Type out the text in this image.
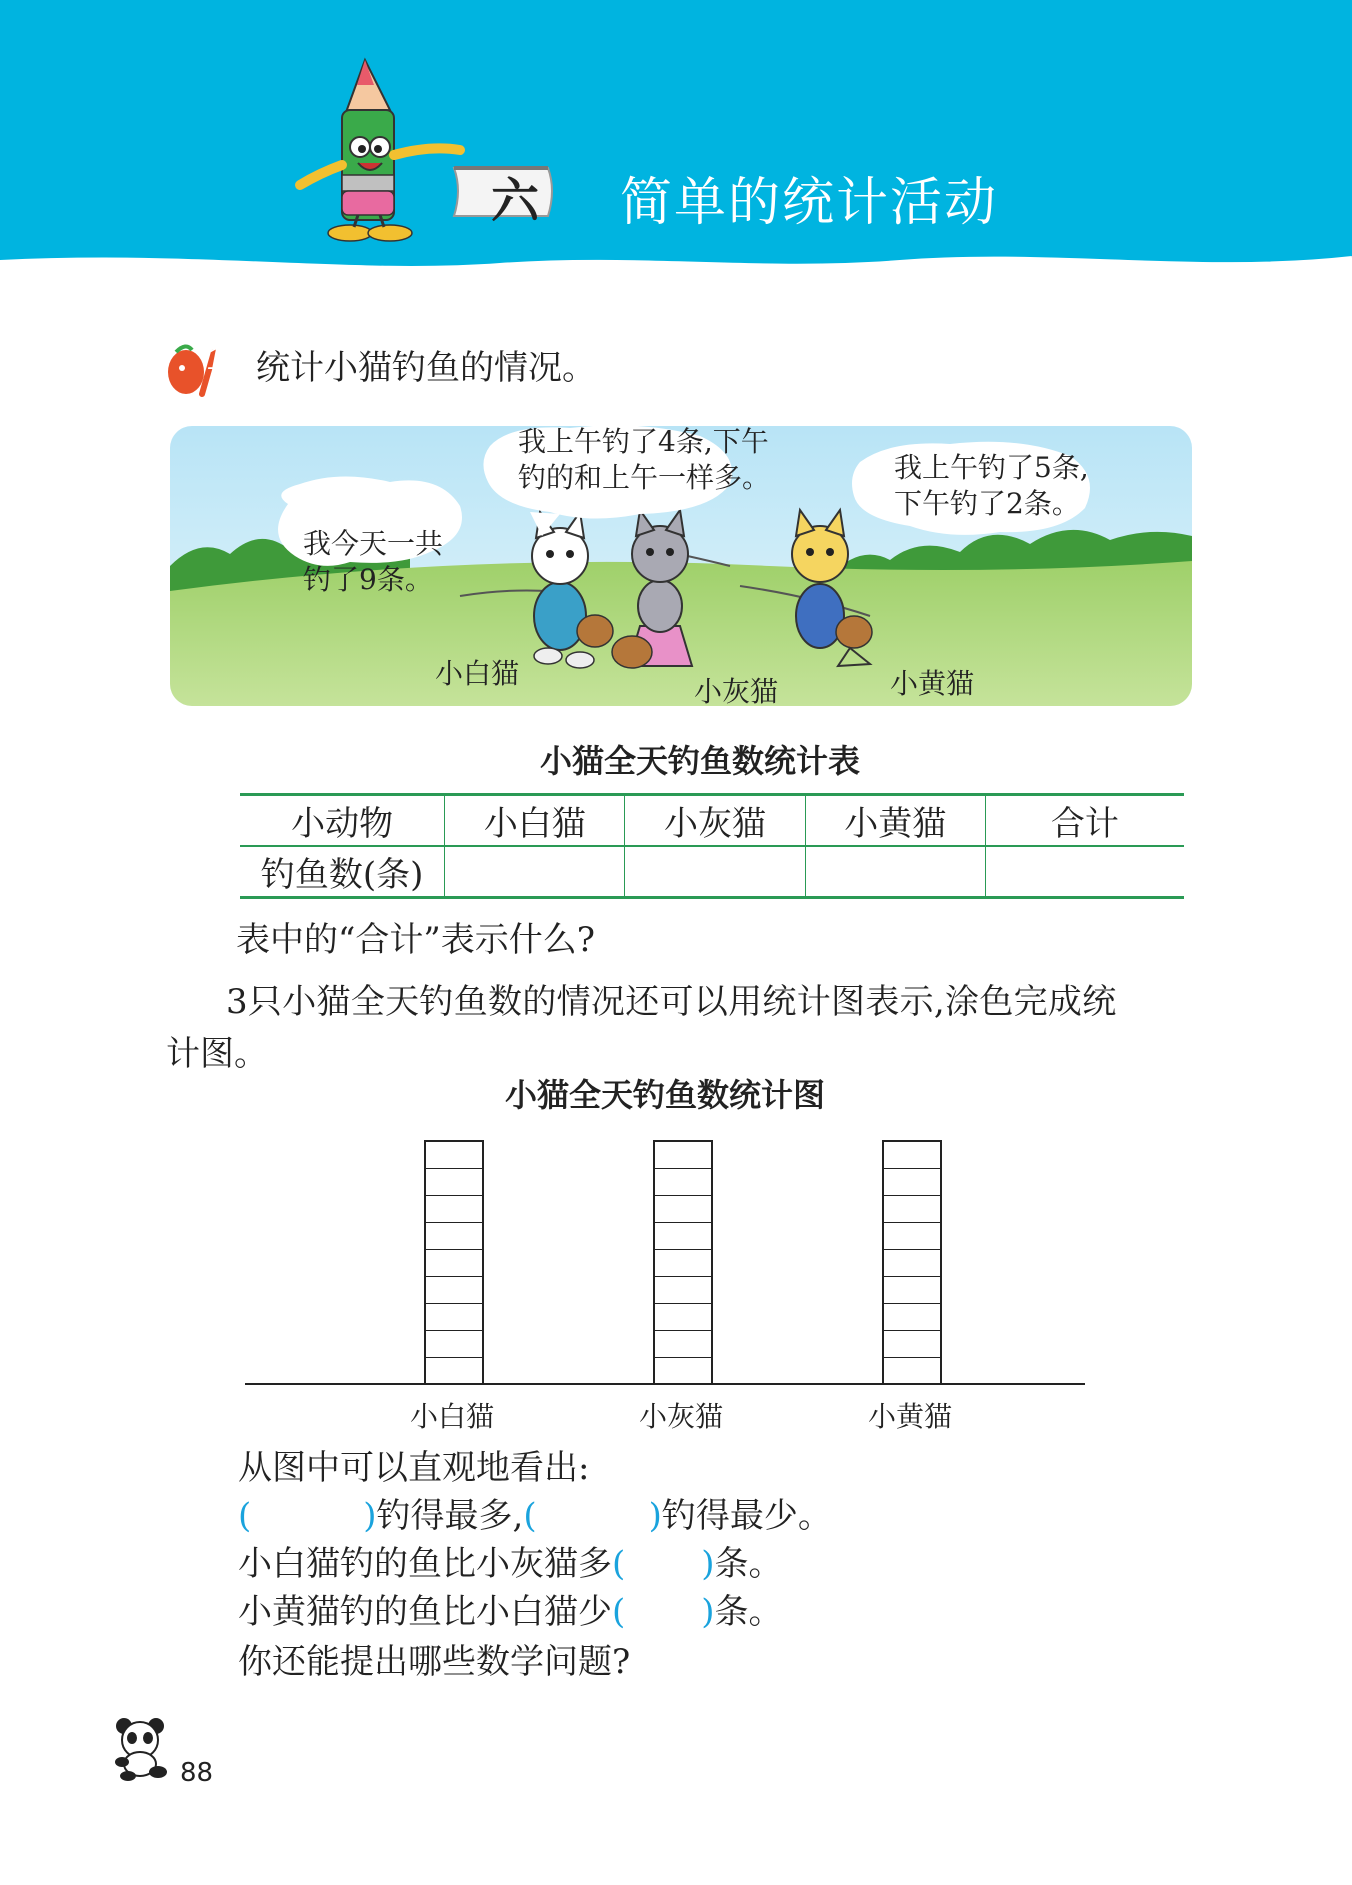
六 简单的统计活动
1 统计小猫钓鱼的情况。
我今天一共
钓了9条。
我上午钓了4条,下午
钓的和上午一样多。	我上午钓了5条,
下午钓了2条。
小白猫
小灰猫	小黄猫
小猫全天钓鱼数统计表
小动物	小白猫	小灰猫	小黄猫	合计
钓鱼数(条)				
表中的“合计”表示什么?
3只小猫全天钓鱼数的情况还可以用统计图表示,涂色完成统
计图。
小猫全天钓鱼数统计图
小白猫	小灰猫	小黄猫
从图中可以直观地看出:
(	)钓得最多,(	)钓得最少。
小白猫钓的鱼比小灰猫多( )条。
小黄猫钓的鱼比小白猫少( )条。
你还能提出哪些数学问题?
88
